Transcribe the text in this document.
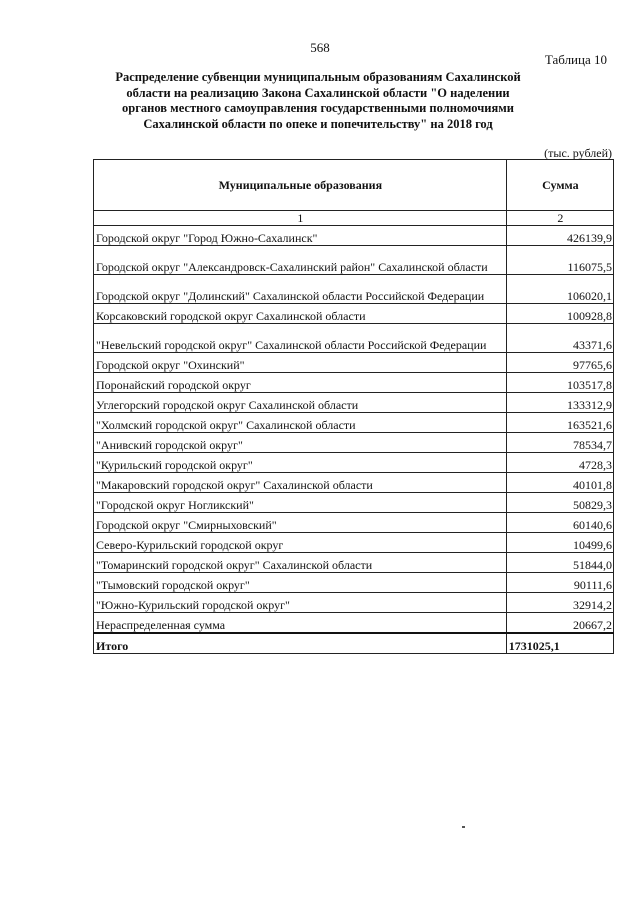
568
Таблица 10
Распределение субвенции муниципальным образованиям Сахалинской области на реализацию Закона Сахалинской области "О наделении органов местного самоуправления государственными полномочиями Сахалинской области по опеке и попечительству" на 2018 год
(тыс. рублей)
Муниципальные образования	Сумма
1	2
Городской округ "Город Южно-Сахалинск"	426139,9
Городской округ "Александровск-Сахалинский район" Сахалинской области	116075,5
Городской округ "Долинский" Сахалинской области Российской Федерации	106020,1
Корсаковский городской округ Сахалинской области	100928,8
"Невельский городской округ" Сахалинской области Российской Федерации	43371,6
Городской округ "Охинский"	97765,6
Поронайский городской округ	103517,8
Углегорский городской округ Сахалинской области	133312,9
"Холмский городской округ" Сахалинской области	163521,6
"Анивский городской округ"	78534,7
"Курильский городской округ"	4728,3
"Макаровский городской округ" Сахалинской области	40101,8
"Городской округ Ногликский"	50829,3
Городской округ "Смирныховский"	60140,6
Северо-Курильский городской округ	10499,6
"Томаринский городской округ" Сахалинской области	51844,0
"Тымовский городской округ"	90111,6
"Южно-Курильский городской округ"	32914,2
Нераспределенная сумма	20667,2
Итого	1731025,1
